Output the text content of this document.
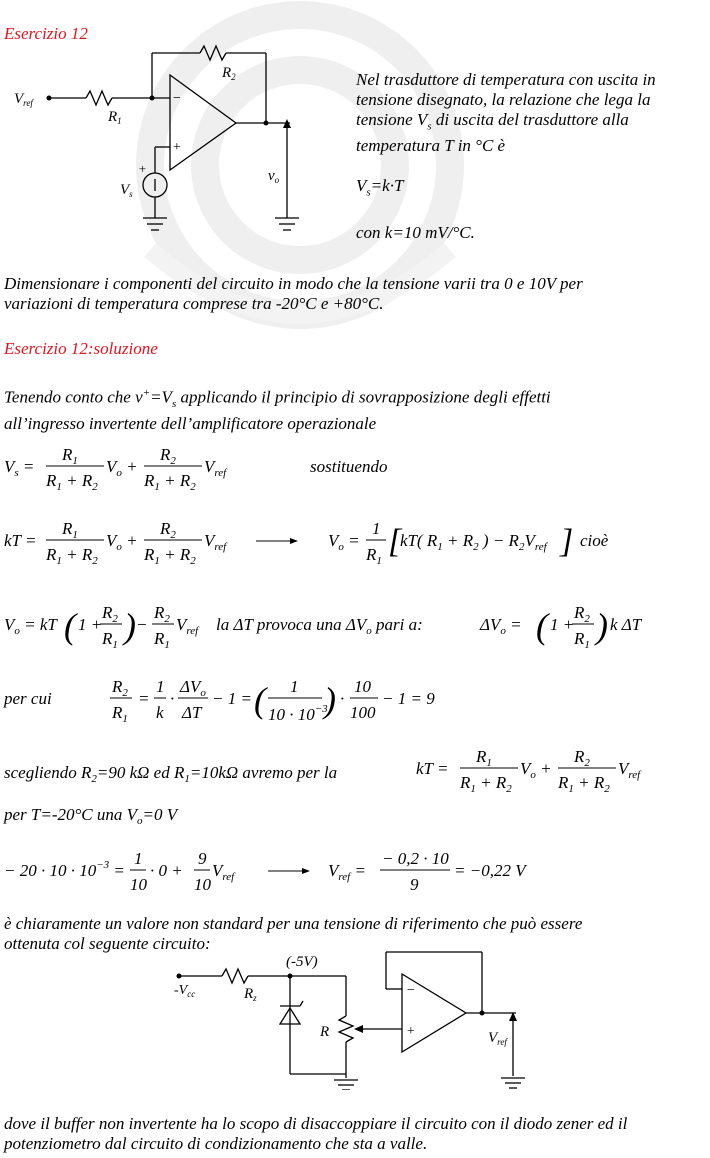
Esercizio 12
−
+
+
$V_{ref}$
$R_1$
$R_2$
$V_s$
$v_o$
Nel trasduttore di temperatura con uscita in
tensione disegnato, la relazione che lega la
tensione $V_s$ di uscita del trasduttore alla
temperatura T in °C è
$V_s=k\cdot T$
con k=10 mV/°C.
Dimensionare i componenti del circuito in modo che la tensione varii tra 0 e 10V per
variazioni di temperatura comprese tra -20°C e +80°C.
Esercizio 12:soluzione
Tenendo conto che $v^+=V_s$ applicando il principio di sovrapposizione degli effetti
all’ingresso invertente dell’amplificatore operazionale
$V_s$ =
$R_1$
$R_1 + R_2$
$V_o$ +
$R_2$
$R_1 + R_2$
$V_{ref}$	sostituendo
kT =
$R_1$
$R_1 + R_2$
$V_o$ +
$R_2$
$R_1 + R_2$
$V_{ref}$	$V_o$ =
1
$R_1$
[
kT( $R_1 + R_2$ ) − $R_2V_{ref}$ ] cioè
$V_o$ = kT ( 1 +
$R_2$
$R_1$ ) −
$R_2$
$R_1$
$V_{ref}$ la ΔT provoca una $\Delta V_o$ pari a:	$\Delta V_o$ = ( 1 +
$R_2$
$R_1$ ) k ΔT
per cui
$R_2$
$R_1$
=
1
k
·
$\Delta V_o$
ΔT
− 1 = ( 1
$10 \cdot 10^{-3}$
) ·
10
100
− 1 = 9
scegliendo $R_2=90$ kΩ ed $R_1=10k\Omega$ avremo per la	kT =
$R_1$
$R_1 + R_2$
$V_o$ +
$R_2$
$R_1 + R_2$
$V_{ref}$
per T=-20°C una $V_o=0$ V
− $20 \cdot 10 \cdot 10^{-3}$ =
1
10
· 0 +
9
10
$V_{ref}$	$V_{ref}$ =
− 0,2 · 10
9
= −0,22 V
è chiaramente un valore non standard per una tensione di riferimento che può essere
ottenuta col seguente circuito:
−
+
$-V_{cc}$	$R_z$
(-5V)
R	$V_{ref}$
dove il buffer non invertente ha lo scopo di disaccoppiare il circuito con il diodo zener ed il
potenziometro dal circuito di condizionamento che sta a valle.
